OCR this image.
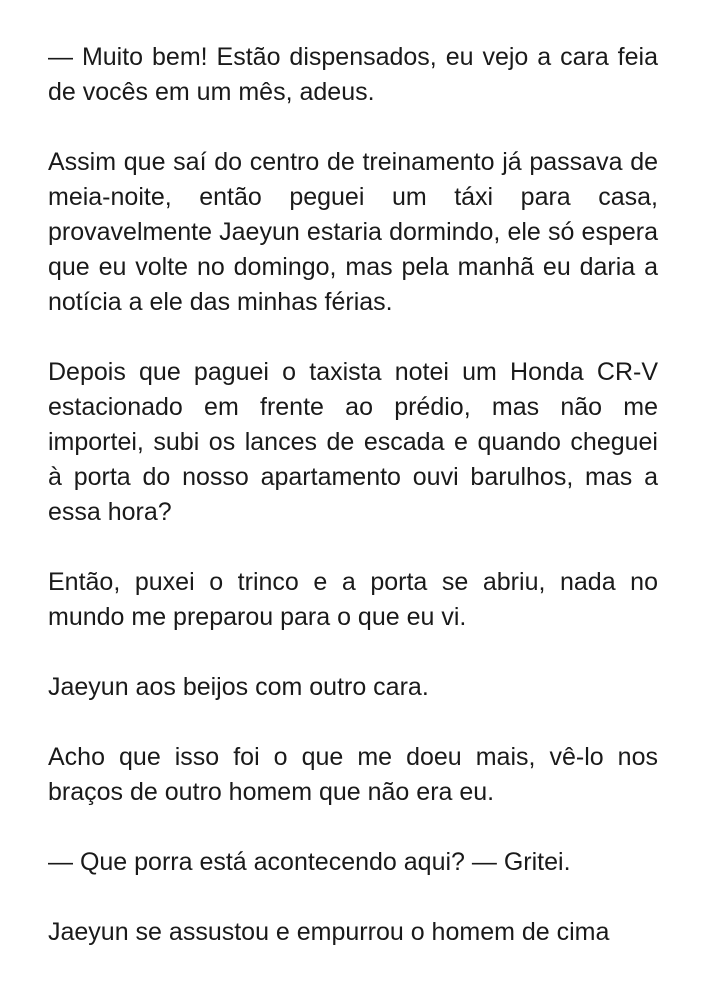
— Muito bem! Estão dispensados, eu vejo a cara feia de vocês em um mês, adeus.

Assim que saí do centro de treinamento já passava de meia-noite, então peguei um táxi para casa, provavelmente Jaeyun estaria dormindo, ele só espera que eu volte no domingo, mas pela manhã eu daria a notícia a ele das minhas férias.

Depois que paguei o taxista notei um Honda CR-V estacionado em frente ao prédio, mas não me importei, subi os lances de escada e quando cheguei à porta do nosso apartamento ouvi barulhos, mas a essa hora?

Então, puxei o trinco e a porta se abriu, nada no mundo me preparou para o que eu vi.

Jaeyun aos beijos com outro cara.

Acho que isso foi o que me doeu mais, vê-lo nos braços de outro homem que não era eu.

— Que porra está acontecendo aqui? — Gritei.

Jaeyun se assustou e empurrou o homem de cima
